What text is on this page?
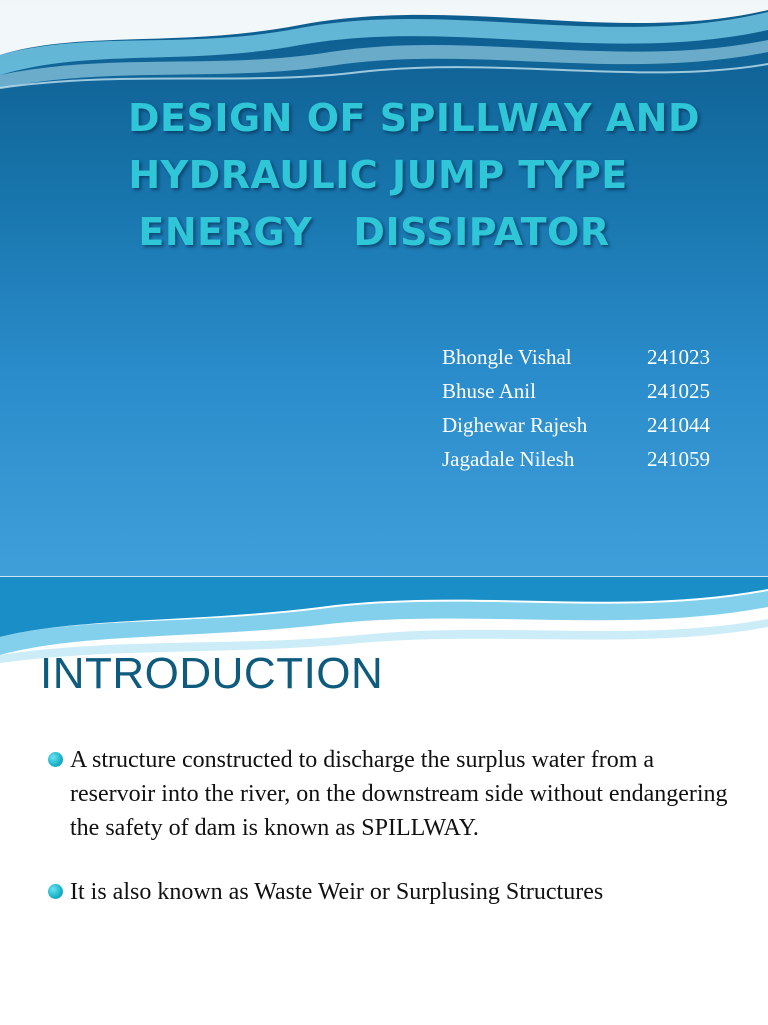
DESIGN OF SPILLWAY AND
HYDRAULIC JUMP TYPE
ENERGY   DISSIPATOR
Bhongle Vishal	241023
Bhuse Anil	241025
Dighewar Rajesh	241044
Jagadale Nilesh	241059
INTRODUCTION
A structure constructed to discharge the surplus water from a reservoir into the river, on the downstream side without endangering the safety of dam is known as SPILLWAY.
It is also known as Waste Weir or Surplusing Structures
